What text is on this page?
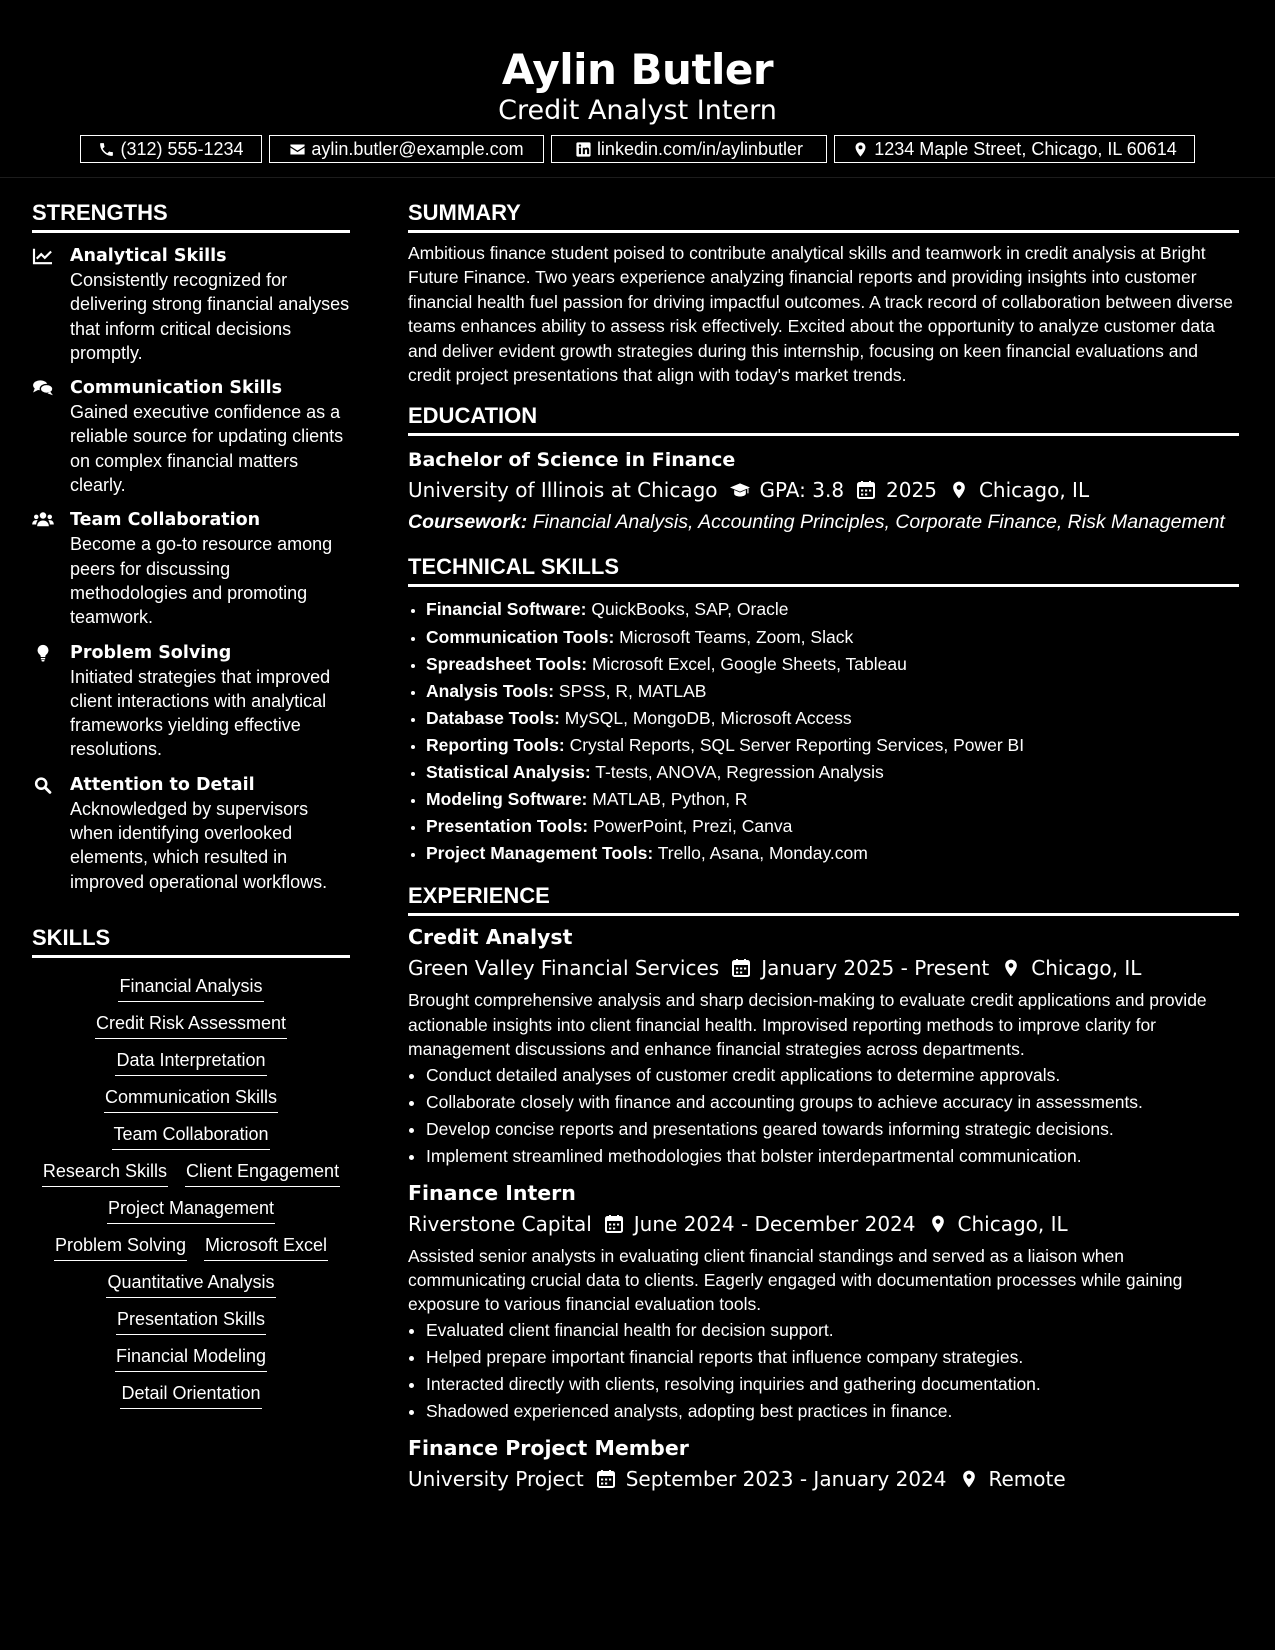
Aylin Butler
Credit Analyst Intern
(312) 555-1234	aylin.butler@example.com	linkedin.com/in/aylinbutler	1234 Maple Street, Chicago, IL 60614
STRENGTHS
Analytical Skills
Consistently recognized for delivering strong financial analyses that inform critical decisions promptly.
Communication Skills
Gained executive confidence as a reliable source for updating clients on complex financial matters clearly.
Team Collaboration
Become a go-to resource among peers for discussing methodologies and promoting teamwork.
Problem Solving
Initiated strategies that improved client interactions with analytical frameworks yielding effective resolutions.
Attention to Detail
Acknowledged by supervisors when identifying overlooked elements, which resulted in improved operational workflows.
SKILLS
Financial Analysis
Credit Risk Assessment
Data Interpretation
Communication Skills
Team Collaboration
Research Skills Client Engagement
Project Management
Problem Solving Microsoft Excel
Quantitative Analysis
Presentation Skills
Financial Modeling
Detail Orientation
SUMMARY
Ambitious finance student poised to contribute analytical skills and teamwork in credit analysis at Bright Future Finance. Two years experience analyzing financial reports and providing insights into customer financial health fuel passion for driving impactful outcomes. A track record of collaboration between diverse teams enhances ability to assess risk effectively. Excited about the opportunity to analyze customer data and deliver evident growth strategies during this internship, focusing on keen financial evaluations and credit project presentations that align with today's market trends.
EDUCATION
Bachelor of Science in Finance
University of Illinois at Chicago GPA: 3.8 2025 Chicago, IL
Coursework: Financial Analysis, Accounting Principles, Corporate Finance, Risk Management
TECHNICAL SKILLS
• Financial Software: QuickBooks, SAP, Oracle
• Communication Tools: Microsoft Teams, Zoom, Slack
• Spreadsheet Tools: Microsoft Excel, Google Sheets, Tableau
• Analysis Tools: SPSS, R, MATLAB
• Database Tools: MySQL, MongoDB, Microsoft Access
• Reporting Tools: Crystal Reports, SQL Server Reporting Services, Power BI
• Statistical Analysis: T-tests, ANOVA, Regression Analysis
• Modeling Software: MATLAB, Python, R
• Presentation Tools: PowerPoint, Prezi, Canva
• Project Management Tools: Trello, Asana, Monday.com
EXPERIENCE
Credit Analyst
Green Valley Financial Services January 2025 - Present Chicago, IL
Brought comprehensive analysis and sharp decision-making to evaluate credit applications and provide actionable insights into client financial health. Improvised reporting methods to improve clarity for management discussions and enhance financial strategies across departments.
• Conduct detailed analyses of customer credit applications to determine approvals.
• Collaborate closely with finance and accounting groups to achieve accuracy in assessments.
• Develop concise reports and presentations geared towards informing strategic decisions.
• Implement streamlined methodologies that bolster interdepartmental communication.
Finance Intern
Riverstone Capital June 2024 - December 2024 Chicago, IL
Assisted senior analysts in evaluating client financial standings and served as a liaison when communicating crucial data to clients. Eagerly engaged with documentation processes while gaining exposure to various financial evaluation tools.
• Evaluated client financial health for decision support.
• Helped prepare important financial reports that influence company strategies.
• Interacted directly with clients, resolving inquiries and gathering documentation.
• Shadowed experienced analysts, adopting best practices in finance.
Finance Project Member
University Project September 2023 - January 2024 Remote
